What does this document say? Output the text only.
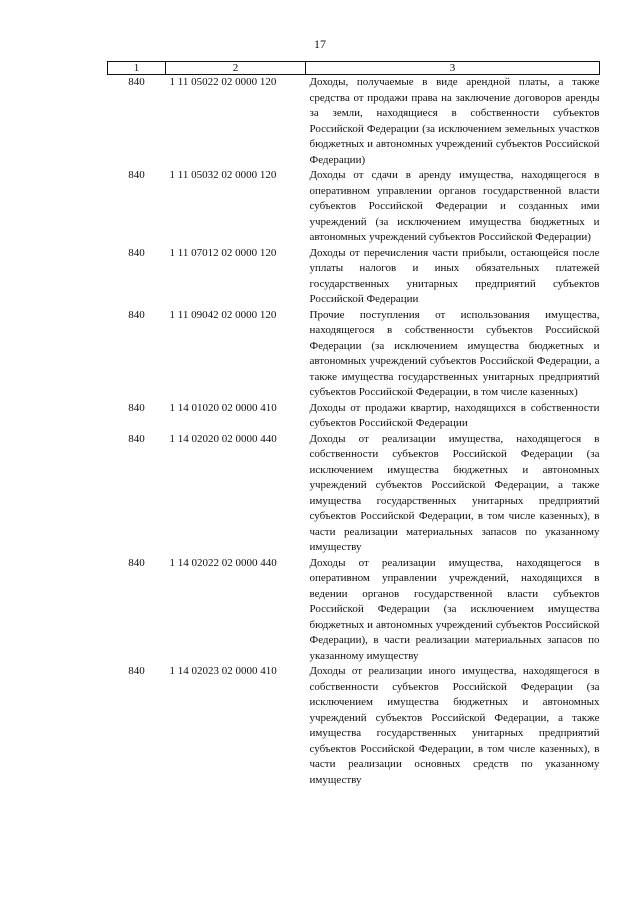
17
1	2	3
840	1 11 05022 02 0000 120	Доходы, получаемые в виде арендной платы, а также средства от продажи права на заключение договоров аренды за земли, находящиеся в собственности субъектов Российской Федерации (за исключением земельных участков бюджетных и автономных учреждений субъектов Российской Федерации)
840	1 11 05032 02 0000 120	Доходы от сдачи в аренду имущества, находящегося в оперативном управлении органов государственной власти субъектов Российской Федерации и созданных ими учреждений (за исключением имущества бюджетных и автономных учреждений субъектов Российской Федерации)
840	1 11 07012 02 0000 120	Доходы от перечисления части прибыли, остающейся после уплаты налогов и иных обязательных платежей государственных унитарных предприятий субъектов Российской Федерации
840	1 11 09042 02 0000 120	Прочие поступления от использования имущества, находящегося в собственности субъектов Российской Федерации (за исключением имущества бюджетных и автономных учреждений субъектов Российской Федерации, а также имущества государственных унитарных предприятий субъектов Российской Федерации, в том числе казенных)
840	1 14 01020 02 0000 410	Доходы от продажи квартир, находящихся в собственности субъектов Российской Федерации
840	1 14 02020 02 0000 440	Доходы от реализации имущества, находящегося в собственности субъектов Российской Федерации (за исключением имущества бюджетных и автономных учреждений субъектов Российской Федерации, а также имущества государственных унитарных предприятий субъектов Российской Федерации, в том числе казенных), в части реализации материальных запасов по указанному имуществу
840	1 14 02022 02 0000 440	Доходы от реализации имущества, находящегося в оперативном управлении учреждений, находящихся в ведении органов государственной власти субъектов Российской Федерации (за исключением имущества бюджетных и автономных учреждений субъектов Российской Федерации), в части реализации материальных запасов по указанному имуществу
840	1 14 02023 02 0000 410	Доходы от реализации иного имущества, находящегося в собственности субъектов Российской Федерации (за исключением имущества бюджетных и автономных учреждений субъектов Российской Федерации, а также имущества государственных унитарных предприятий субъектов Российской Федерации, в том числе казенных), в части реализации основных средств по указанному имуществу
